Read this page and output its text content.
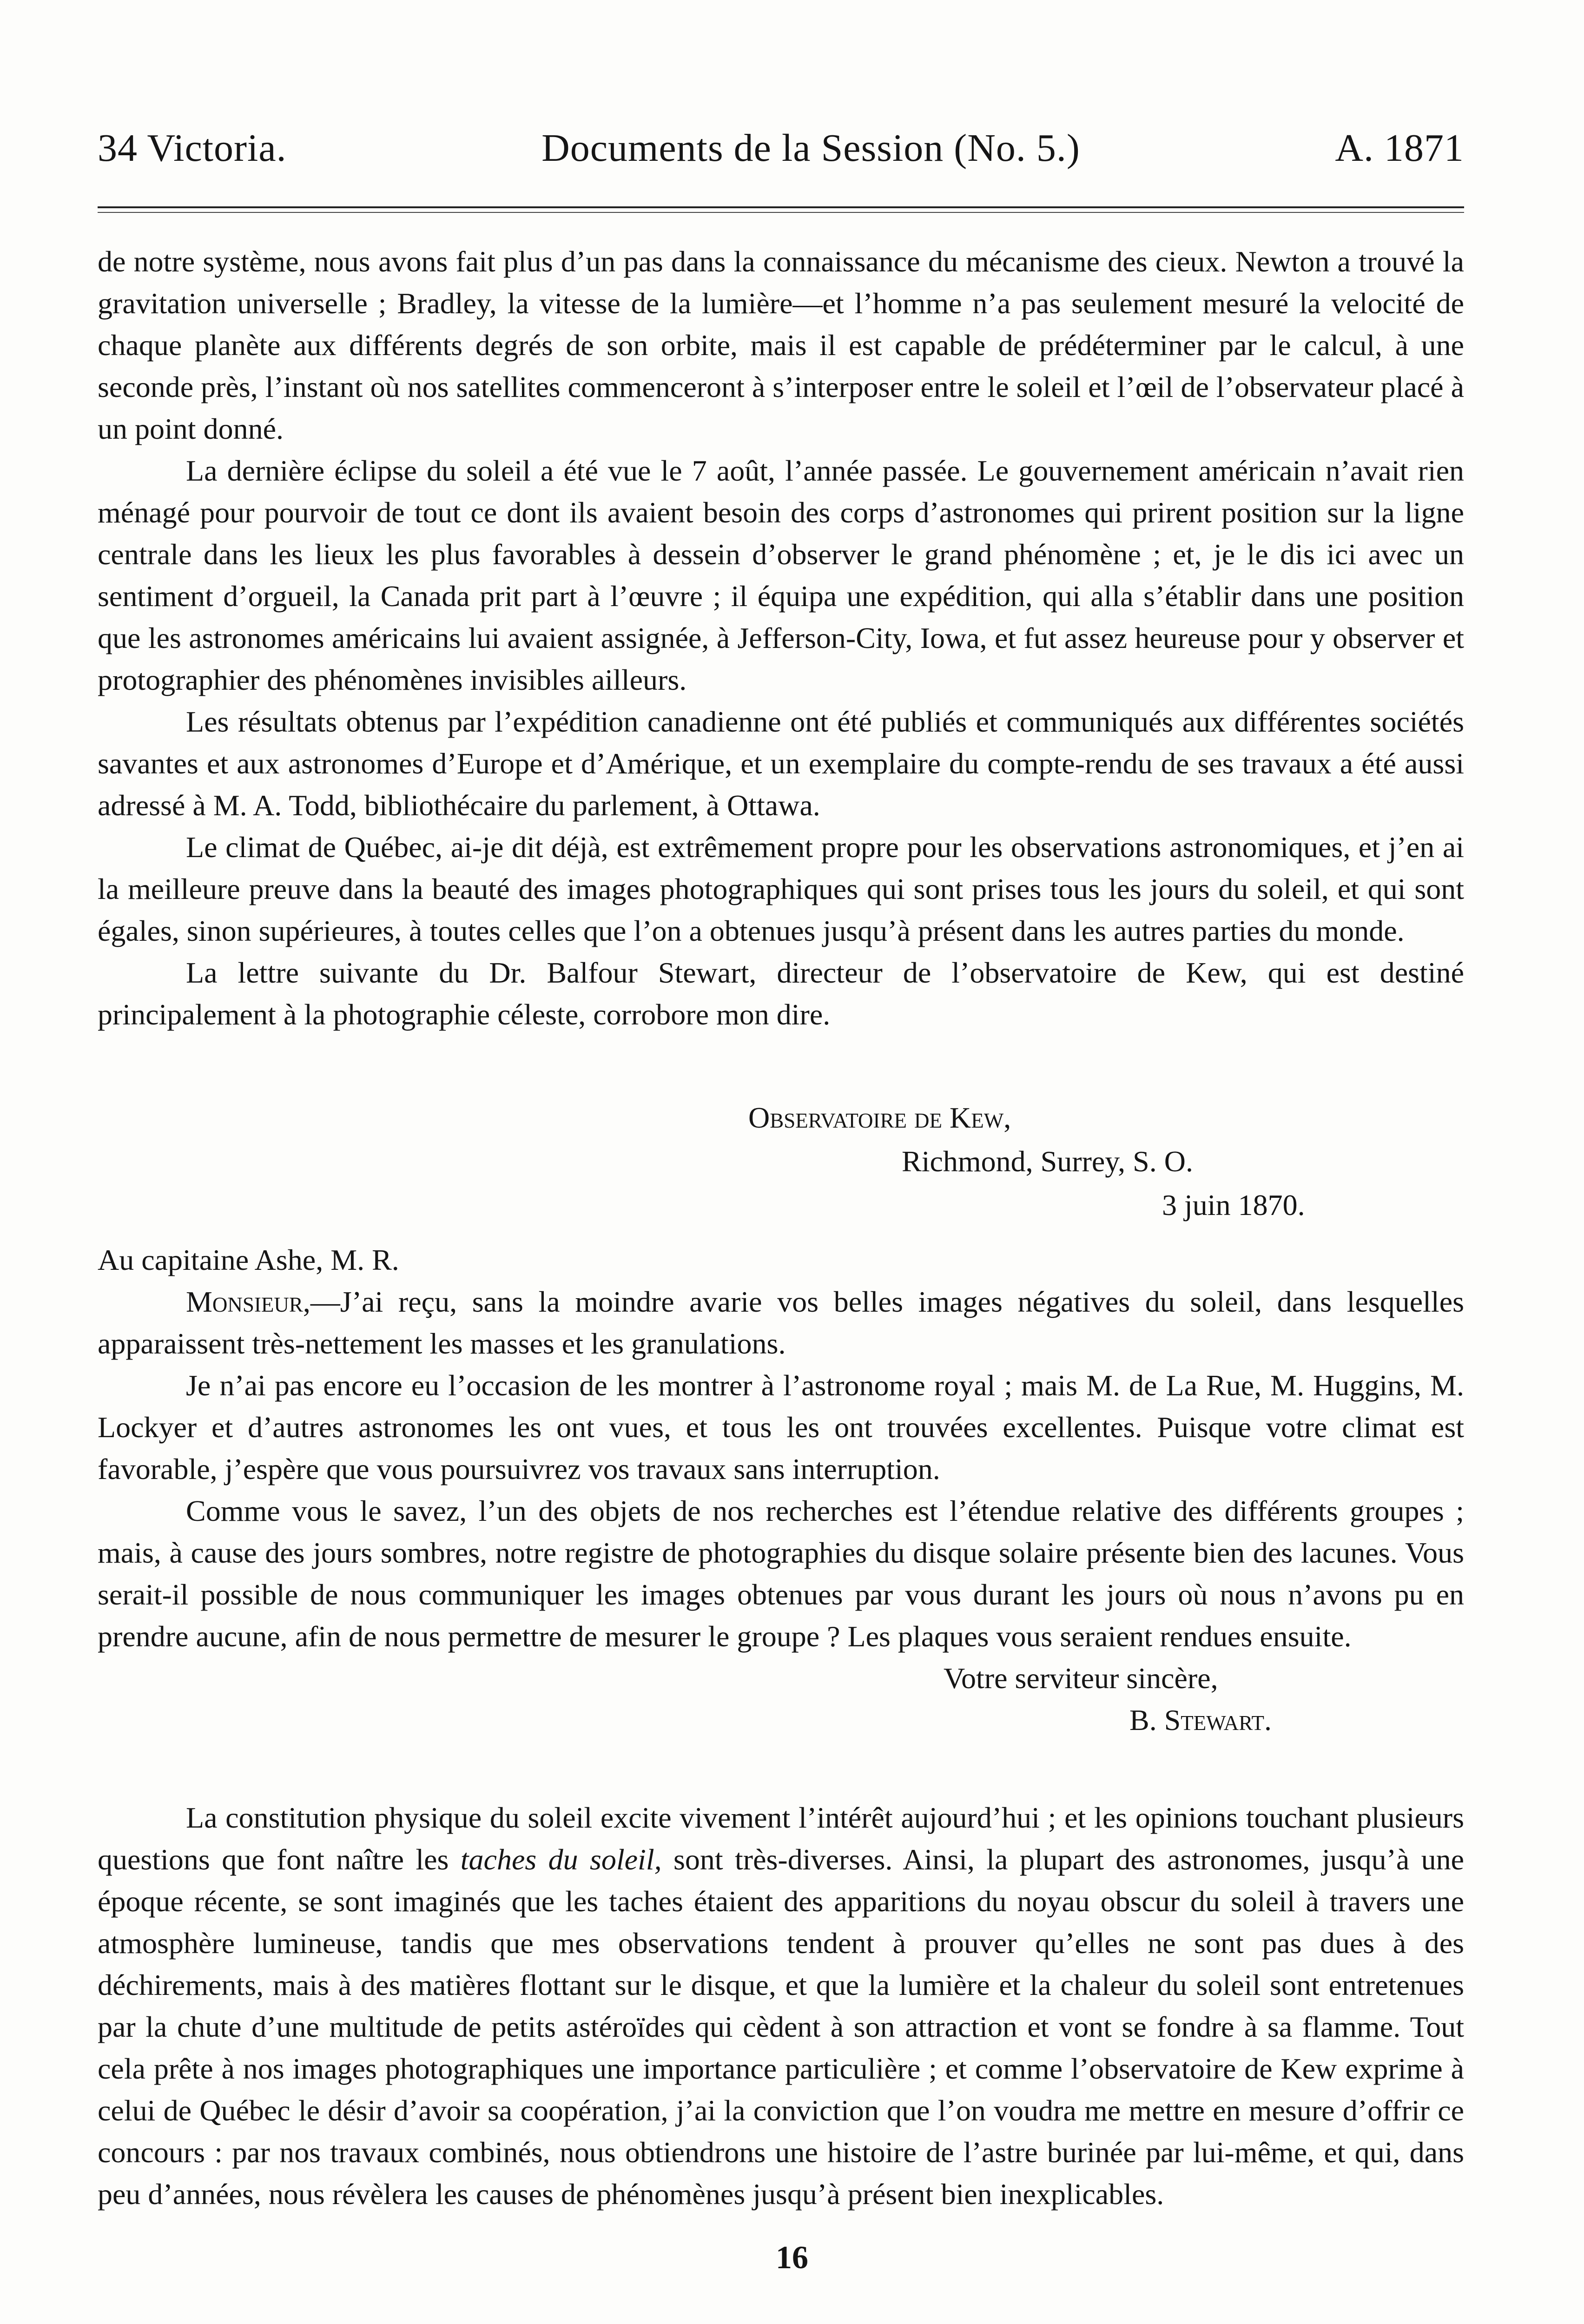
34 Victoria.	Documents de la Session (No. 5.)	A. 1871

de notre système, nous avons fait plus d’un pas dans la connaissance du mécanisme des cieux. Newton a trouvé la gravitation universelle ; Bradley, la vitesse de la lumière—et l’homme n’a pas seulement mesuré la velocité de chaque planète aux différents degrés de son orbite, mais il est capable de prédéterminer par le calcul, à une seconde près, l’instant où nos satellites commenceront à s’interposer entre le soleil et l’œil de l’observateur placé à un point donné.

La dernière éclipse du soleil a été vue le 7 août, l’année passée. Le gouvernement américain n’avait rien ménagé pour pourvoir de tout ce dont ils avaient besoin des corps d’astronomes qui prirent position sur la ligne centrale dans les lieux les plus favorables à dessein d’observer le grand phénomène ; et, je le dis ici avec un sentiment d’orgueil, la Canada prit part à l’œuvre ; il équipa une expédition, qui alla s’établir dans une position que les astronomes américains lui avaient assignée, à Jefferson-City, Iowa, et fut assez heureuse pour y observer et protographier des phénomènes invisibles ailleurs.

Les résultats obtenus par l’expédition canadienne ont été publiés et communiqués aux différentes sociétés savantes et aux astronomes d’Europe et d’Amérique, et un exemplaire du compte-rendu de ses travaux a été aussi adressé à M. A. Todd, bibliothécaire du parlement, à Ottawa.

Le climat de Québec, ai-je dit déjà, est extrêmement propre pour les observations astronomiques, et j’en ai la meilleure preuve dans la beauté des images photographiques qui sont prises tous les jours du soleil, et qui sont égales, sinon supérieures, à toutes celles que l’on a obtenues jusqu’à présent dans les autres parties du monde.

La lettre suivante du Dr. Balfour Stewart, directeur de l’observatoire de Kew, qui est destiné principalement à la photographie céleste, corrobore mon dire.

Observatoire de Kew,
Richmond, Surrey, S. O.
3 juin 1870.

Au capitaine Ashe, M. R.

Monsieur,—J’ai reçu, sans la moindre avarie vos belles images négatives du soleil, dans lesquelles apparaissent très-nettement les masses et les granulations.

Je n’ai pas encore eu l’occasion de les montrer à l’astronome royal ; mais M. de La Rue, M. Huggins, M. Lockyer et d’autres astronomes les ont vues, et tous les ont trouvées excellentes. Puisque votre climat est favorable, j’espère que vous poursuivrez vos travaux sans interruption.

Comme vous le savez, l’un des objets de nos recherches est l’étendue relative des différents groupes ; mais, à cause des jours sombres, notre registre de photographies du disque solaire présente bien des lacunes. Vous serait-il possible de nous communiquer les images obtenues par vous durant les jours où nous n’avons pu en prendre aucune, afin de nous permettre de mesurer le groupe ? Les plaques vous seraient rendues ensuite.

Votre serviteur sincère,
B. Stewart.

La constitution physique du soleil excite vivement l’intérêt aujourd’hui ; et les opinions touchant plusieurs questions que font naître les taches du soleil, sont très-diverses. Ainsi, la plupart des astronomes, jusqu’à une époque récente, se sont imaginés que les taches étaient des apparitions du noyau obscur du soleil à travers une atmosphère lumineuse, tandis que mes observations tendent à prouver qu’elles ne sont pas dues à des déchirements, mais à des matières flottant sur le disque, et que la lumière et la chaleur du soleil sont entretenues par la chute d’une multitude de petits astéroïdes qui cèdent à son attraction et vont se fondre à sa flamme. Tout cela prête à nos images photographiques une importance particulière ; et comme l’observatoire de Kew exprime à celui de Québec le désir d’avoir sa coopération, j’ai la conviction que l’on voudra me mettre en mesure d’offrir ce concours : par nos travaux combinés, nous obtiendrons une histoire de l’astre burinée par lui-même, et qui, dans peu d’années, nous révèlera les causes de phénomènes jusqu’à présent bien inexplicables.

16
